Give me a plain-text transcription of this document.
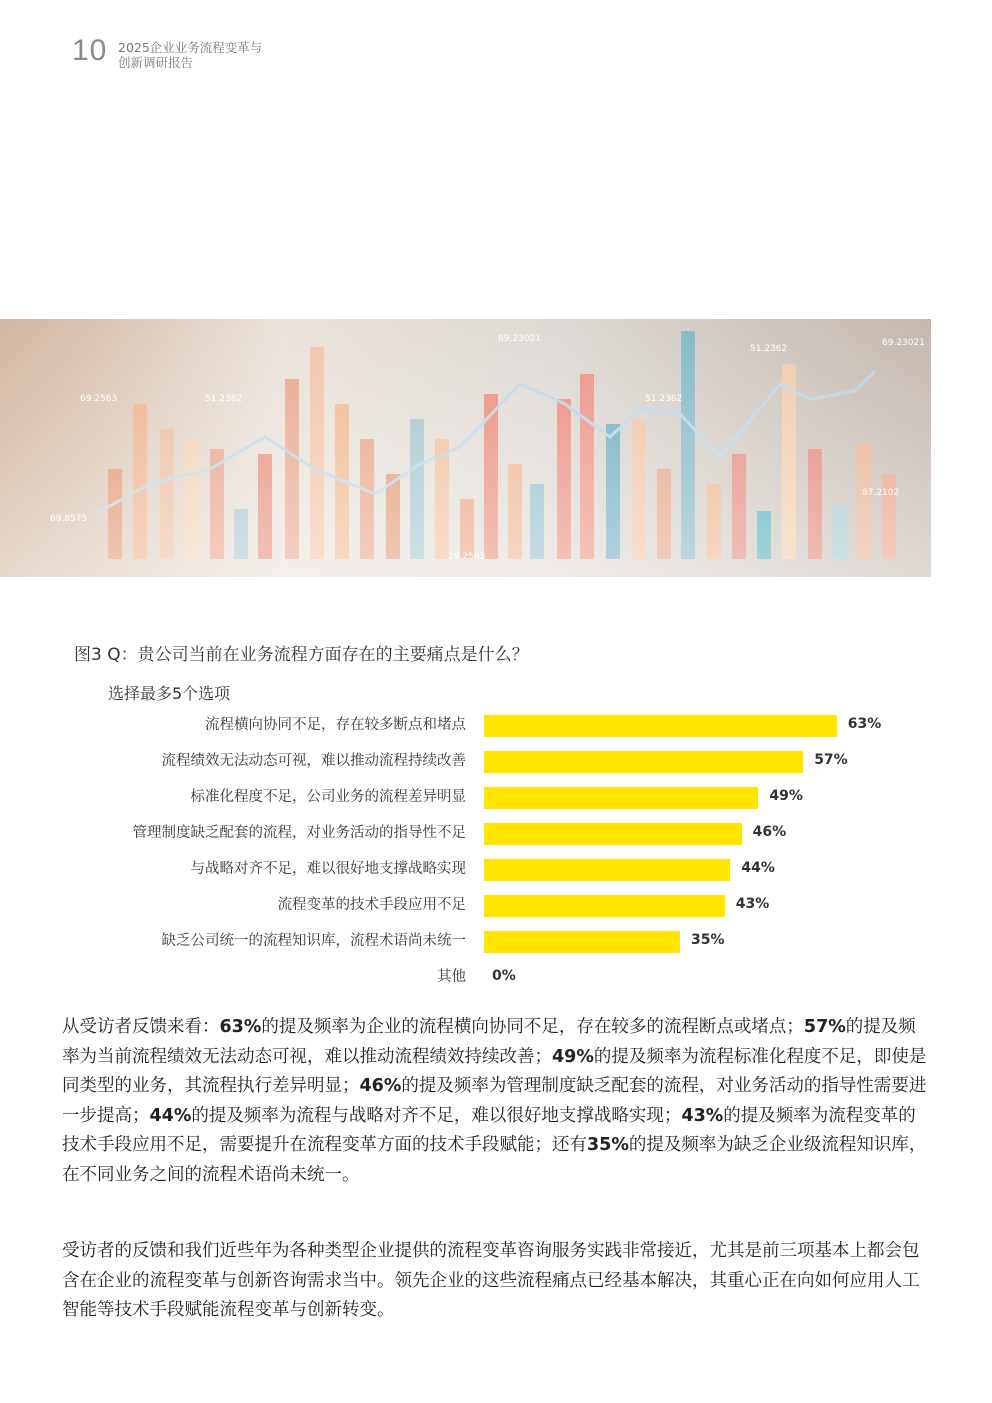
10 2025企业业务流程变革与
创新调研报告
图3 Q：贵公司当前在业务流程方面存在的主要痛点是什么？
选择最多5个选项
流程横向协同不足，存在较多断点和堵点	63%
流程绩效无法动态可视，难以推动流程持续改善	57%
标准化程度不足，公司业务的流程差异明显	49%
管理制度缺乏配套的流程，对业务活动的指导性不足	46%
与战略对齐不足，难以很好地支撑战略实现	44%
流程变革的技术手段应用不足	43%
缺乏公司统一的流程知识库，流程术语尚未统一	35%
其他 0%
从受访者反馈来看：63%的提及频率为企业的流程横向协同不足，存在较多的流程断点或堵点；57%的提及频率为当前流程绩效无法动态可视，难以推动流程绩效持续改善；49%的提及频率为流程标准化程度不足，即使是同类型的业务，其流程执行差异明显；46%的提及频率为管理制度缺乏配套的流程，对业务活动的指导性需要进一步提高；44%的提及频率为流程与战略对齐不足，难以很好地支撑战略实现；43%的提及频率为流程变革的技术手段应用不足，需要提升在流程变革方面的技术手段赋能；还有35%的提及频率为缺乏企业级流程知识库，在不同业务之间的流程术语尚未统一。
受访者的反馈和我们近些年为各种类型企业提供的流程变革咨询服务实践非常接近，尤其是前三项基本上都会包含在企业的流程变革与创新咨询需求当中。领先企业的这些流程痛点已经基本解决，其重心正在向如何应用人工智能等技术手段赋能流程变革与创新转变。
